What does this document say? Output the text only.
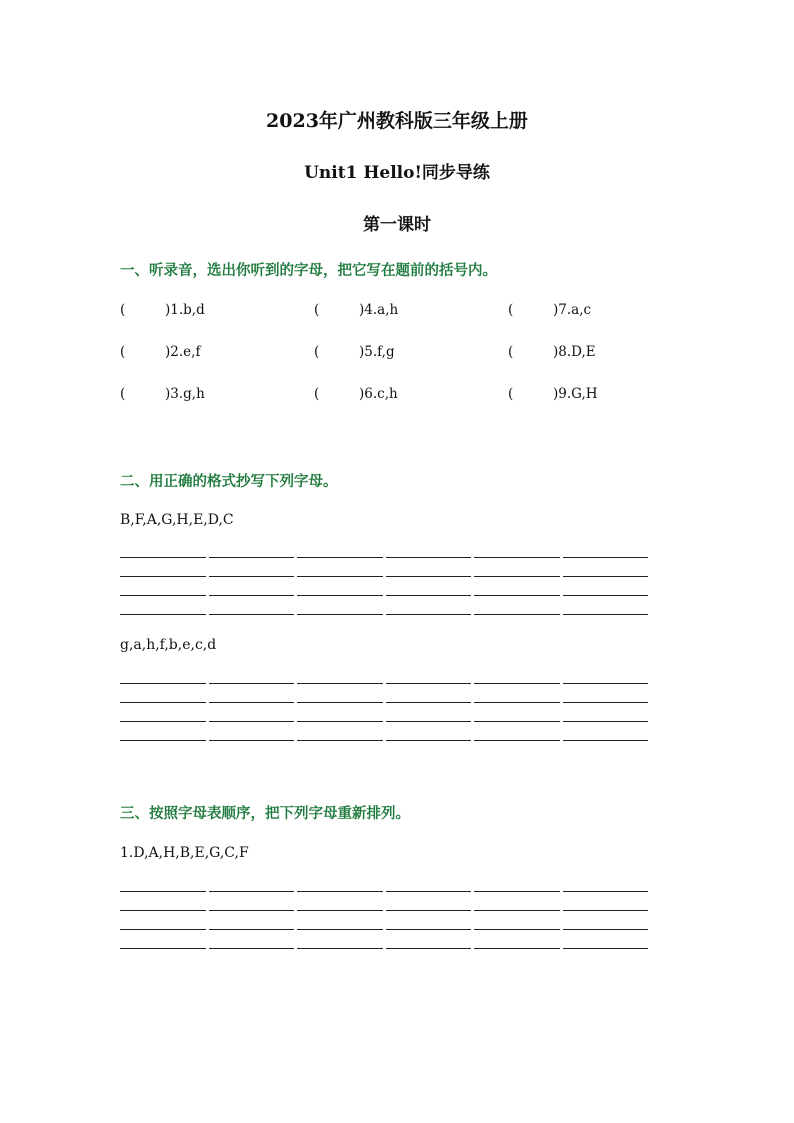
2023年广州教科版三年级上册
Unit1 Hello!同步导练
第一课时
一、听录音，选出你听到的字母，把它写在题前的括号内。
(	)1.b,d	(	)4.a,h	(	)7.a,c
(	)2.e,f	(	)5.f,g	(	)8.D,E
(	)3.g,h	(	)6.c,h	(	)9.G,H
二、用正确的格式抄写下列字母。
B,F,A,G,H,E,D,C
g,a,h,f,b,e,c,d
三、按照字母表顺序，把下列字母重新排列。
1.D,A,H,B,E,G,C,F
